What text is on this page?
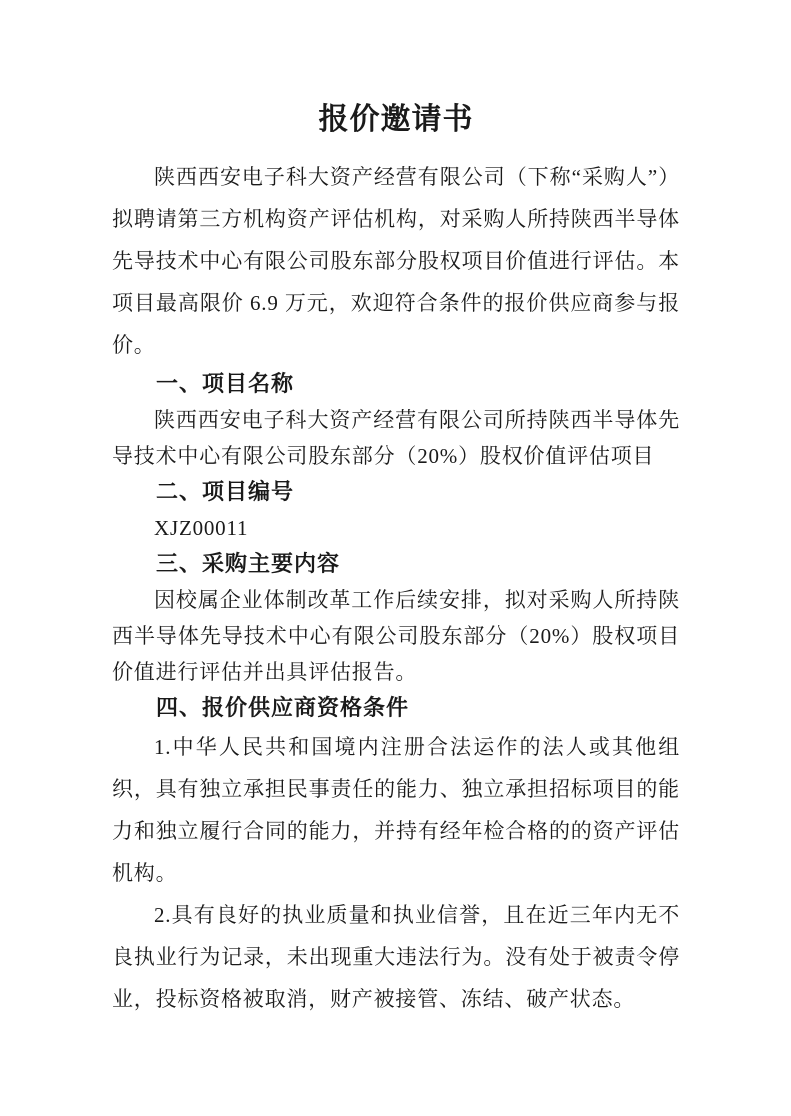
报价邀请书

陕西西安电子科大资产经营有限公司（下称“采购人”）拟聘请第三方机构资产评估机构，对采购人所持陕西半导体先导技术中心有限公司股东部分股权项目价值进行评估。本项目最高限价 6.9 万元，欢迎符合条件的报价供应商参与报价。

一、项目名称

陕西西安电子科大资产经营有限公司所持陕西半导体先导技术中心有限公司股东部分（20%）股权价值评估项目

二、项目编号

XJZ00011

三、采购主要内容

因校属企业体制改革工作后续安排，拟对采购人所持陕西半导体先导技术中心有限公司股东部分（20%）股权项目价值进行评估并出具评估报告。

四、报价供应商资格条件

1.中华人民共和国境内注册合法运作的法人或其他组织，具有独立承担民事责任的能力、独立承担招标项目的能力和独立履行合同的能力，并持有经年检合格的的资产评估机构。

2.具有良好的执业质量和执业信誉，且在近三年内无不良执业行为记录，未出现重大违法行为。没有处于被责令停业，投标资格被取消，财产被接管、冻结、破产状态。
